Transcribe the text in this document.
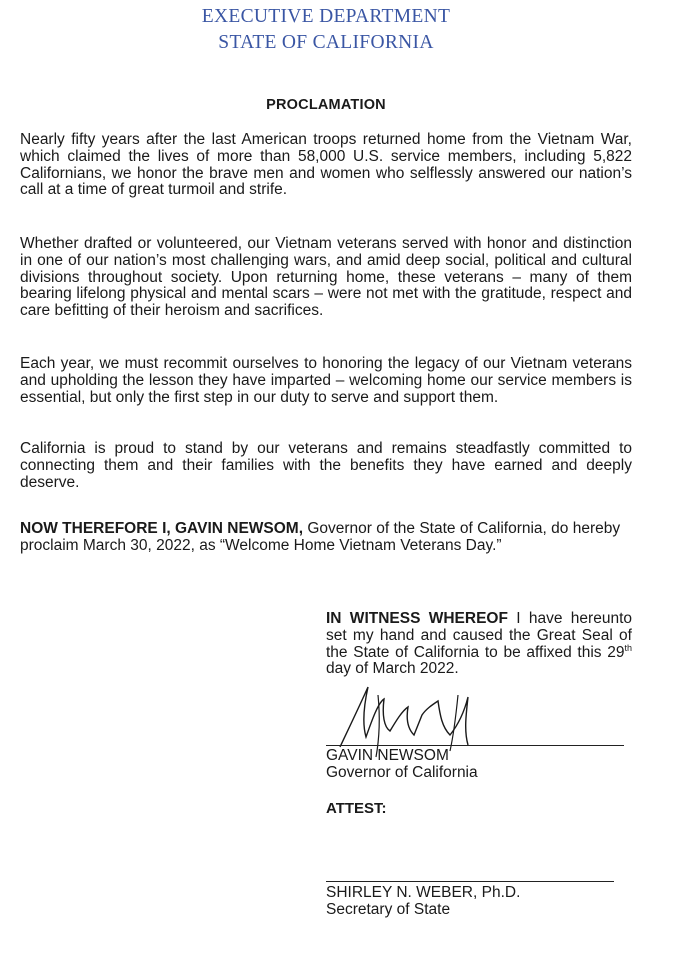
EXECUTIVE DEPARTMENT
STATE OF CALIFORNIA
PROCLAMATION

Nearly fifty years after the last American troops returned home from the Vietnam War, which claimed the lives of more than 58,000 U.S. service members, including 5,822 Californians, we honor the brave men and women who selflessly answered our nation’s call at a time of great turmoil and strife.

Whether drafted or volunteered, our Vietnam veterans served with honor and distinction in one of our nation’s most challenging wars, and amid deep social, political and cultural divisions throughout society. Upon returning home, these veterans – many of them bearing lifelong physical and mental scars – were not met with the gratitude, respect and care befitting of their heroism and sacrifices.

Each year, we must recommit ourselves to honoring the legacy of our Vietnam veterans and upholding the lesson they have imparted – welcoming home our service members is essential, but only the first step in our duty to serve and support them.

California is proud to stand by our veterans and remains steadfastly committed to connecting them and their families with the benefits they have earned and deeply deserve.

NOW THEREFORE I, GAVIN NEWSOM, Governor of the State of California, do hereby proclaim March 30, 2022, as “Welcome Home Vietnam Veterans Day.”

IN WITNESS WHEREOF I have hereunto set my hand and caused the Great Seal of the State of California to be affixed this 29th day of March 2022.

GAVIN NEWSOM
Governor of California
ATTEST:
SHIRLEY N. WEBER, Ph.D.
Secretary of State
